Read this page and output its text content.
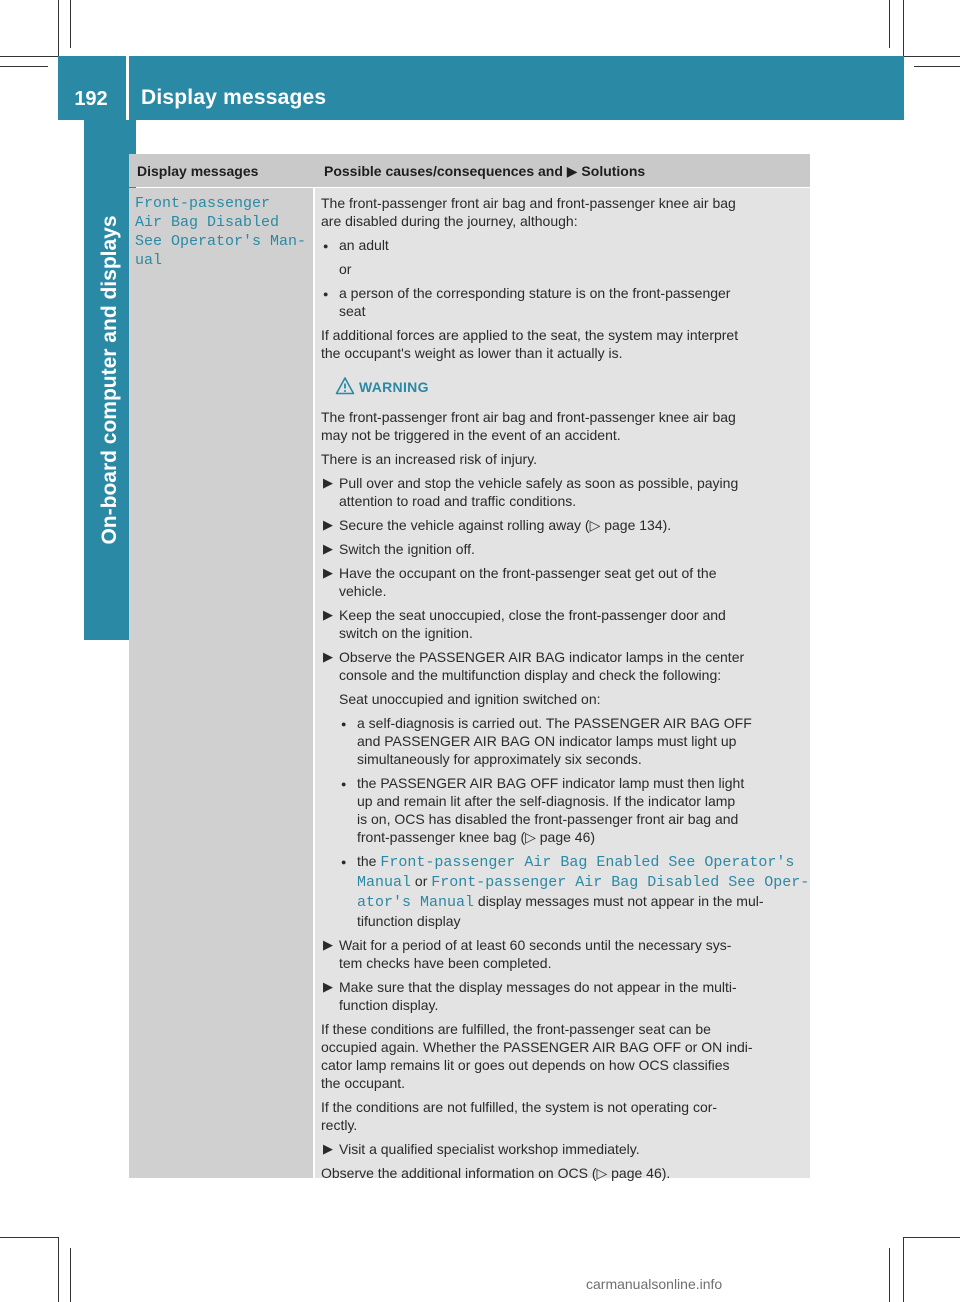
192	Display messages
On-board computer and displays
Display messages	Possible causes/consequences and ▶ Solutions
Front-passenger
Air Bag Disabled
See Operator's Man‐
ual

The front-passenger front air bag and front-passenger knee air bag
are disabled during the journey, although:

● an adult
or
● a person of the corresponding stature is on the front-passenger
seat

If additional forces are applied to the seat, the system may interpret
the occupant's weight as lower than it actually is.

WARNING

The front-passenger front air bag and front-passenger knee air bag
may not be triggered in the event of an accident.

There is an increased risk of injury.

▶ Pull over and stop the vehicle safely as soon as possible, paying
attention to road and traffic conditions.
▶ Secure the vehicle against rolling away (▷ page 134).
▶ Switch the ignition off.
▶ Have the occupant on the front-passenger seat get out of the
vehicle.
▶ Keep the seat unoccupied, close the front-passenger door and
switch on the ignition.
▶ Observe the PASSENGER AIR BAG indicator lamps in the center
console and the multifunction display and check the following:
Seat unoccupied and ignition switched on:
● a self-diagnosis is carried out. The PASSENGER AIR BAG OFF
and PASSENGER AIR BAG ON indicator lamps must light up
simultaneously for approximately six seconds.
● the PASSENGER AIR BAG OFF indicator lamp must then light
up and remain lit after the self-diagnosis. If the indicator lamp
is on, OCS has disabled the front-passenger front air bag and
front-passenger knee bag (▷ page 46)
● the Front-passenger Air Bag Enabled See Operator's
Manual or Front-passenger Air Bag Disabled See Oper‐
ator's Manual display messages must not appear in the mul‐
tifunction display
▶ Wait for a period of at least 60 seconds until the necessary sys‐
tem checks have been completed.
▶ Make sure that the display messages do not appear in the multi‐
function display.

If these conditions are fulfilled, the front-passenger seat can be
occupied again. Whether the PASSENGER AIR BAG OFF or ON indi‐
cator lamp remains lit or goes out depends on how OCS classifies
the occupant.

If the conditions are not fulfilled, the system is not operating cor‐
rectly.

▶ Visit a qualified specialist workshop immediately.

Observe the additional information on OCS (▷ page 46).

carmanualsonline.info
